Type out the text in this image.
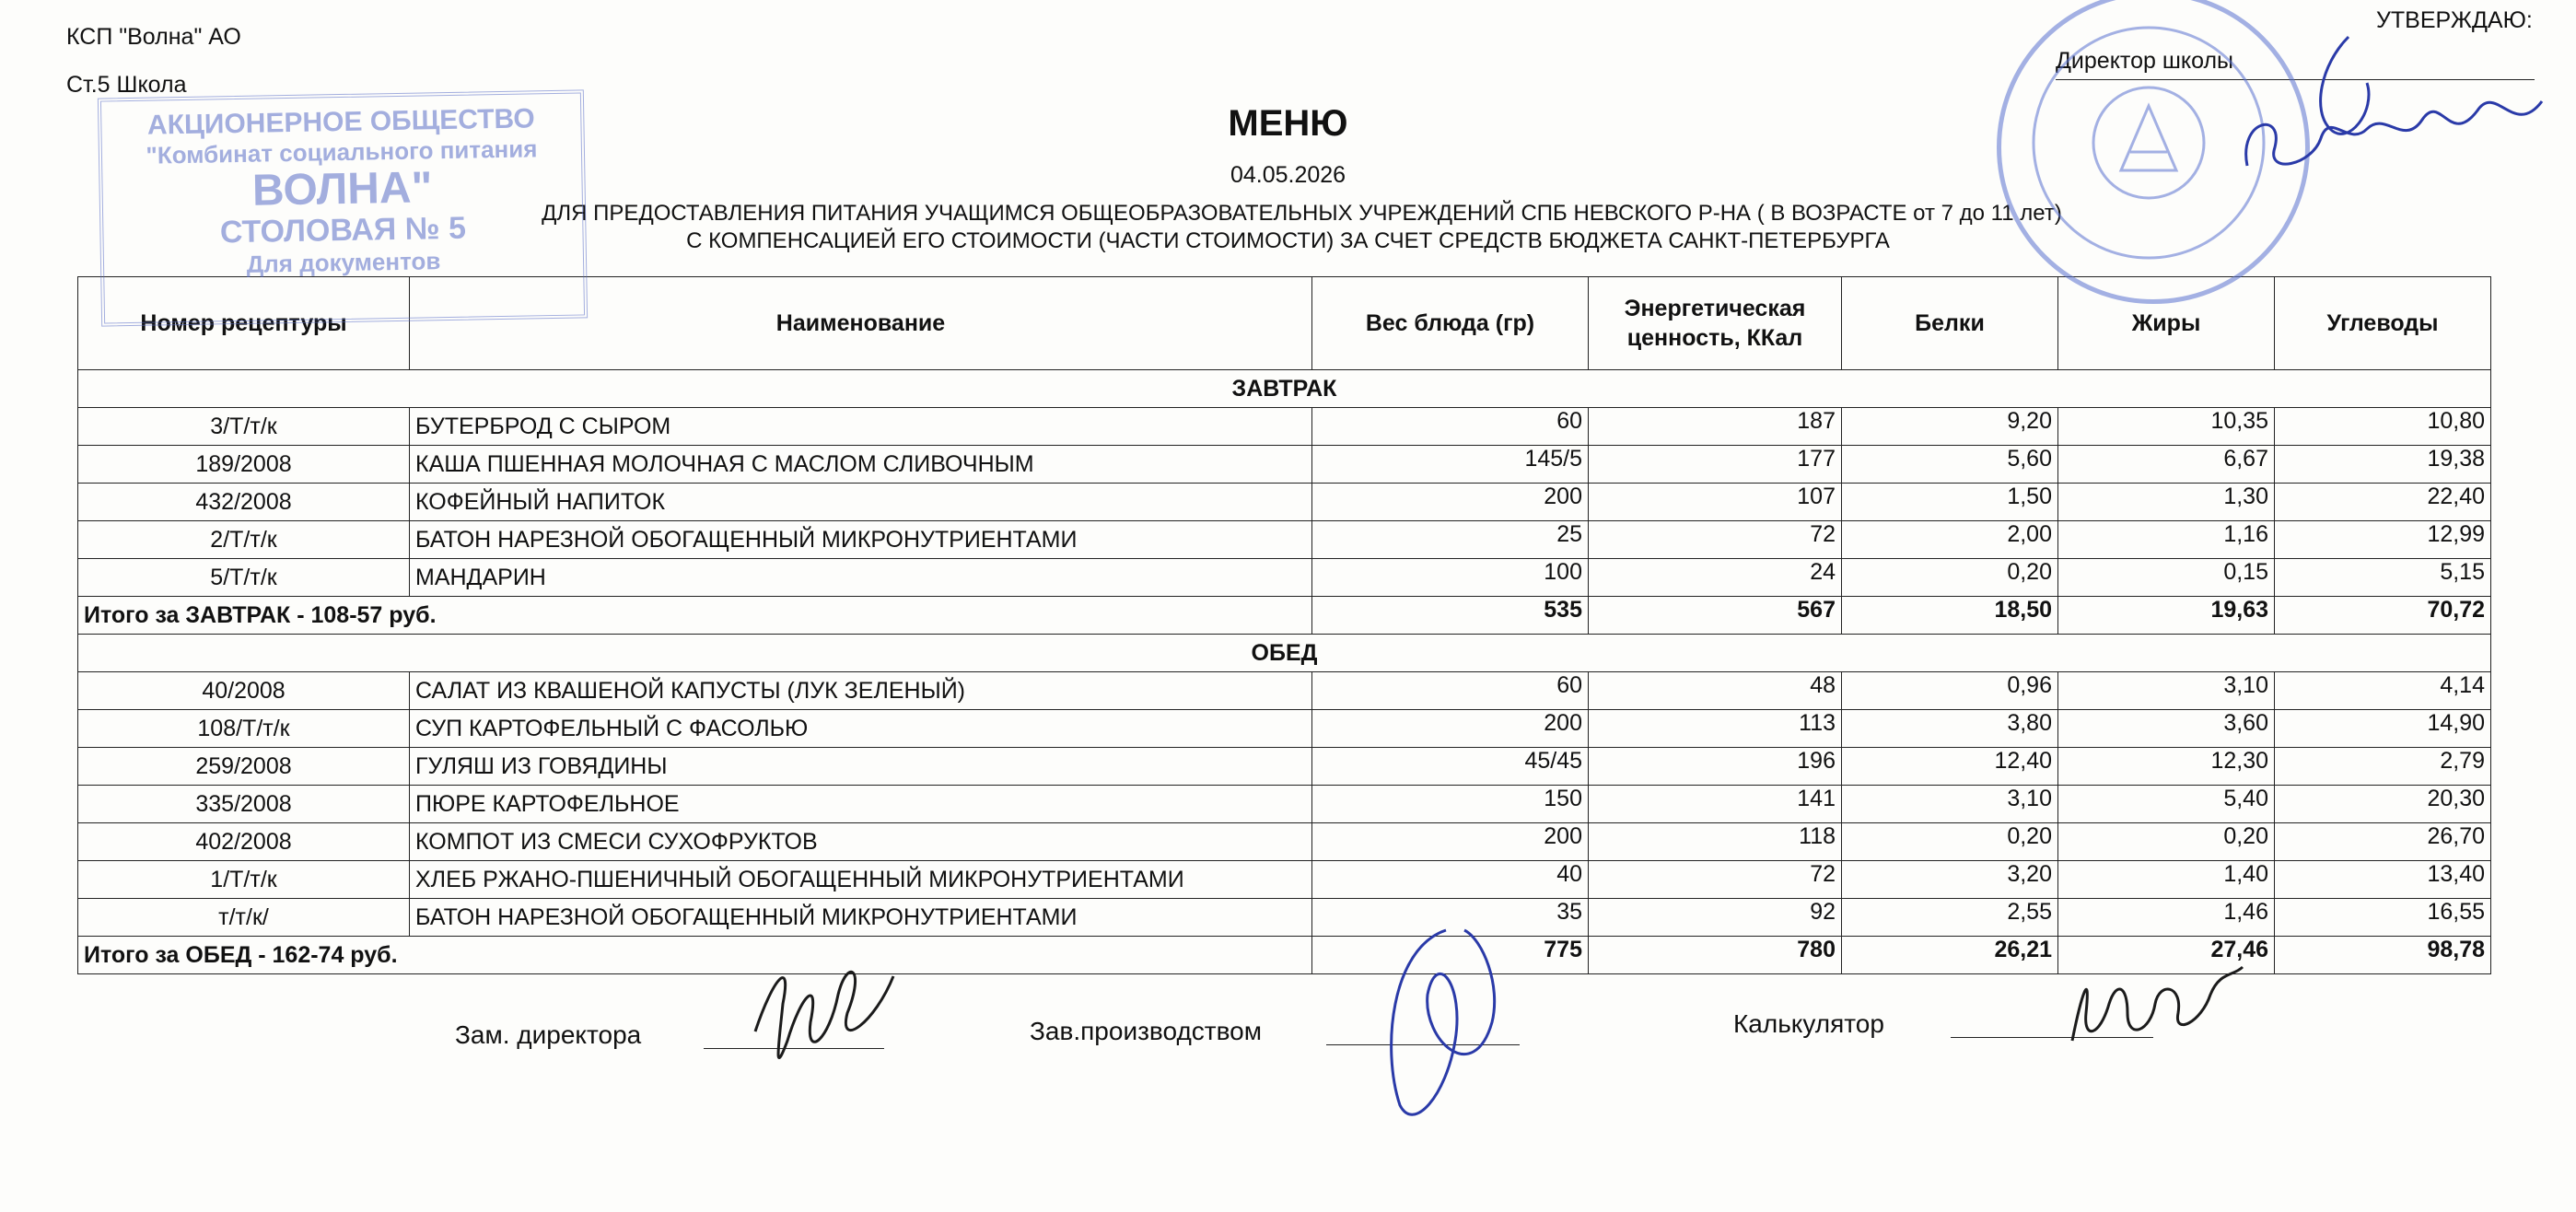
КСП "Волна" АО
Ст.5 Школа
УТВЕРЖДАЮ:
Директор школы
МЕНЮ
04.05.2026
ДЛЯ ПРЕДОСТАВЛЕНИЯ ПИТАНИЯ УЧАЩИМСЯ ОБЩЕОБРАЗОВАТЕЛЬНЫХ УЧРЕЖДЕНИЙ СПБ НЕВСКОГО Р-НА ( В ВОЗРАСТЕ от 7 до 11 лет)
С КОМПЕНСАЦИЕЙ ЕГО СТОИМОСТИ (ЧАСТИ СТОИМОСТИ) ЗА СЧЕТ СРЕДСТВ БЮДЖЕТА САНКТ-ПЕТЕРБУРГА
Номер рецептуры	Наименование	Вес блюда (гр)	Энергетическая ценность, ККал	Белки	Жиры	Углеводы
ЗАВТРАК						
3/Т/т/к	БУТЕРБРОД С СЫРОМ	60	187	9,20	10,35	10,80
189/2008	КАША ПШЕННАЯ МОЛОЧНАЯ С МАСЛОМ СЛИВОЧНЫМ	145/5	177	5,60	6,67	19,38
432/2008	КОФЕЙНЫЙ НАПИТОК	200	107	1,50	1,30	22,40
2/Т/т/к	БАТОН НАРЕЗНОЙ ОБОГАЩЕННЫЙ МИКРОНУТРИЕНТАМИ	25	72	2,00	1,16	12,99
5/Т/т/к	МАНДАРИН	100	24	0,20	0,15	5,15
Итого за ЗАВТРАК - 108-57 руб.		535	567	18,50	19,63	70,72
ОБЕД						
40/2008	САЛАТ ИЗ КВАШЕНОЙ КАПУСТЫ (ЛУК ЗЕЛЕНЫЙ)	60	48	0,96	3,10	4,14
108/Т/т/к	СУП КАРТОФЕЛЬНЫЙ С ФАСОЛЬЮ	200	113	3,80	3,60	14,90
259/2008	ГУЛЯШ ИЗ ГОВЯДИНЫ	45/45	196	12,40	12,30	2,79
335/2008	ПЮРЕ КАРТОФЕЛЬНОЕ	150	141	3,10	5,40	20,30
402/2008	КОМПОТ ИЗ СМЕСИ СУХОФРУКТОВ	200	118	0,20	0,20	26,70
1/Т/т/к	ХЛЕБ РЖАНО-ПШЕНИЧНЫЙ ОБОГАЩЕННЫЙ МИКРОНУТРИЕНТАМИ	40	72	3,20	1,40	13,40
т/т/к/	БАТОН НАРЕЗНОЙ ОБОГАЩЕННЫЙ МИКРОНУТРИЕНТАМИ	35	92	2,55	1,46	16,55
Итого за ОБЕД - 162-74 руб.		775	780	26,21	27,46	98,78
Зам. директора	Зав.производством	Калькулятор
АКЦИОНЕРНОЕ ОБЩЕСТВО
"Комбинат социального питания
ВОЛНА"
СТОЛОВАЯ № 5
Для документов
